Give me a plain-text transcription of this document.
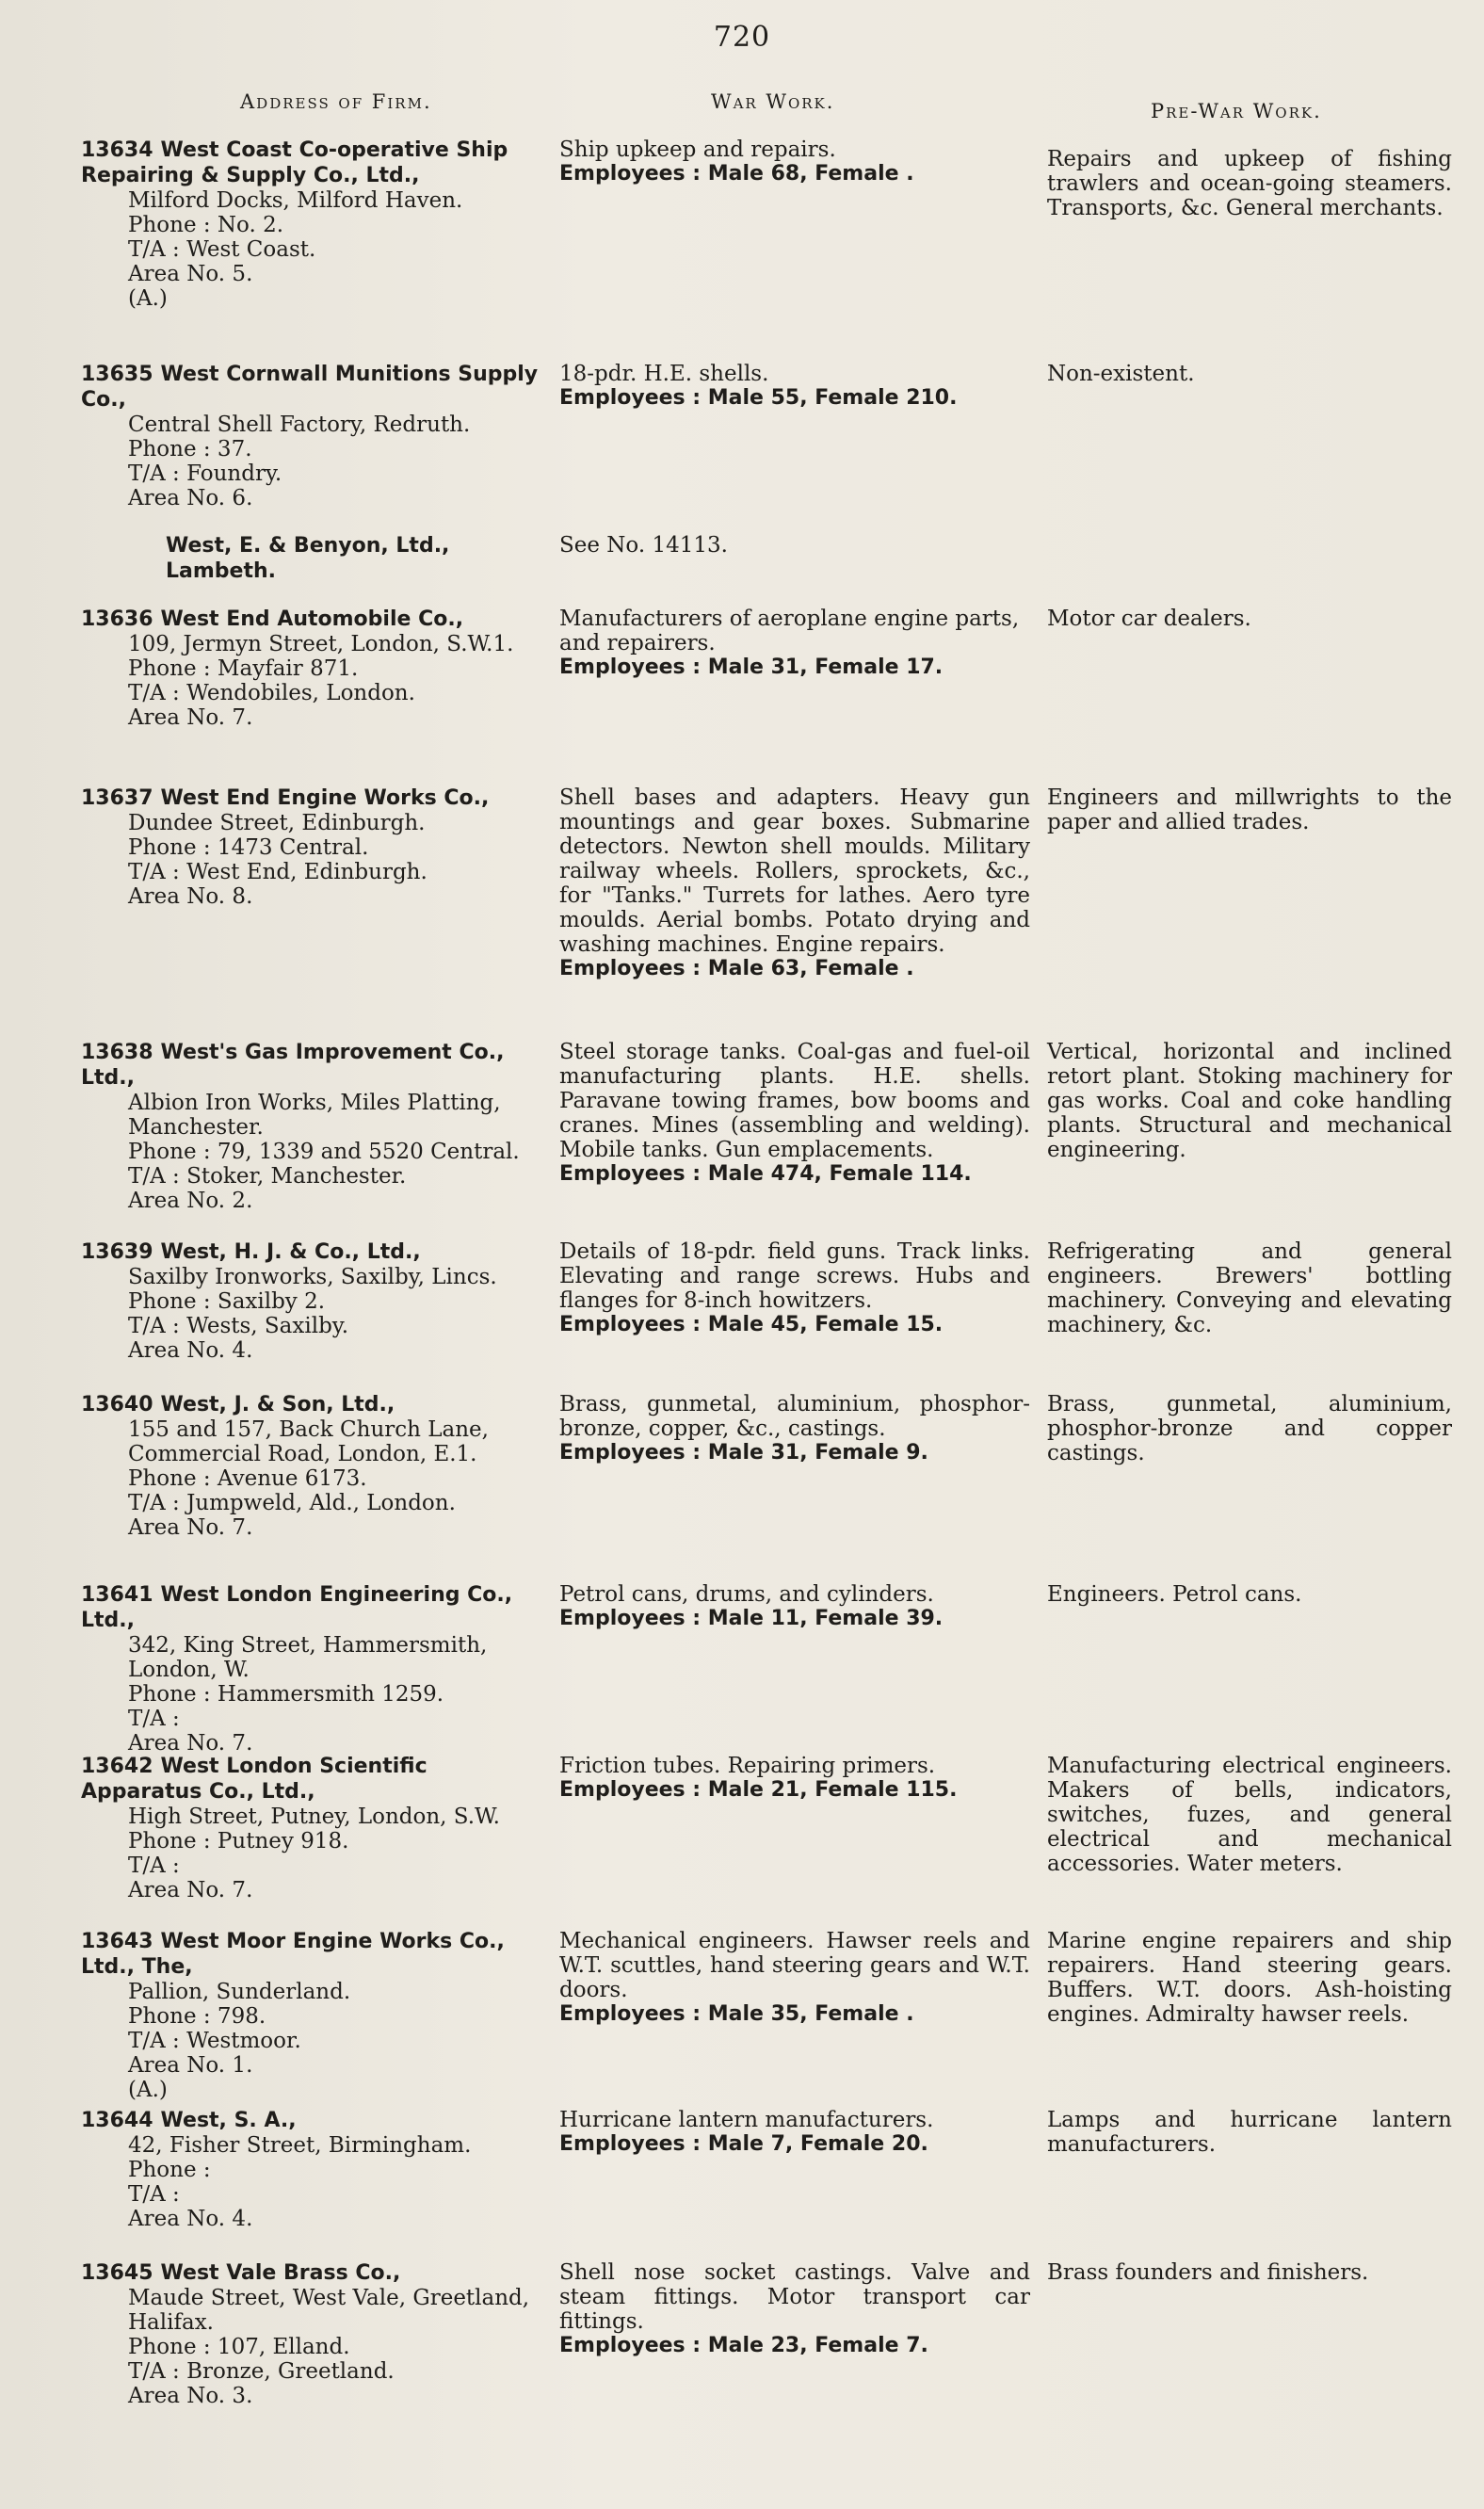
720
Address of Firm.	War Work.	Pre-War Work.
13634 West Coast Co-operative Ship Repairing & Supply Co., Ltd.,
Milford Docks, Milford Haven.
Phone : No. 2.
T/A : West Coast.
Area No. 5.
(A.)
Ship upkeep and repairs.
Employees : Male 68, Female .
Repairs and upkeep of fishing trawlers and ocean-going steamers. Transports, &c. General merchants.
13635 West Cornwall Munitions Supply Co.,
Central Shell Factory, Redruth.
Phone : 37.
T/A : Foundry.
Area No. 6.
18-pdr. H.E. shells.
Employees : Male 55, Female 210.
Non-existent.
West, E. & Benyon, Ltd., Lambeth.
See No. 14113.
13636 West End Automobile Co.,
109, Jermyn Street, London, S.W.1.
Phone : Mayfair 871.
T/A : Wendobiles, London.
Area No. 7.
Manufacturers of aeroplane engine parts, and repairers.
Employees : Male 31, Female 17.
Motor car dealers.
13637 West End Engine Works Co.,
Dundee Street, Edinburgh.
Phone : 1473 Central.
T/A : West End, Edinburgh.
Area No. 8.
Shell bases and adapters. Heavy gun mountings and gear boxes. Submarine detectors. Newton shell moulds. Military railway wheels. Rollers, sprockets, &c., for "Tanks." Turrets for lathes. Aero tyre moulds. Aerial bombs. Potato drying and washing machines. Engine repairs.
Employees : Male 63, Female .
Engineers and millwrights to the paper and allied trades.
13638 West's Gas Improvement Co., Ltd.,
Albion Iron Works, Miles Platting, Manchester.
Phone : 79, 1339 and 5520 Central.
T/A : Stoker, Manchester.
Area No. 2.
Steel storage tanks. Coal-gas and fuel-oil manufacturing plants. H.E. shells. Paravane towing frames, bow booms and cranes. Mines (assembling and welding). Mobile tanks. Gun emplacements.
Employees : Male 474, Female 114.
Vertical, horizontal and inclined retort plant. Stoking machinery for gas works. Coal and coke handling plants. Structural and mechanical engineering.
13639 West, H. J. & Co., Ltd.,
Saxilby Ironworks, Saxilby, Lincs.
Phone : Saxilby 2.
T/A : Wests, Saxilby.
Area No. 4.
Details of 18-pdr. field guns. Track links. Elevating and range screws. Hubs and flanges for 8-inch howitzers.
Employees : Male 45, Female 15.
Refrigerating and general engineers. Brewers' bottling machinery. Conveying and elevating machinery, &c.
13640 West, J. & Son, Ltd.,
155 and 157, Back Church Lane, Commercial Road, London, E.1.
Phone : Avenue 6173.
T/A : Jumpweld, Ald., London.
Area No. 7.
Brass, gunmetal, aluminium, phosphor-bronze, copper, &c., castings.
Employees : Male 31, Female 9.
Brass, gunmetal, aluminium, phosphor-bronze and copper castings.
13641 West London Engineering Co., Ltd.,
342, King Street, Hammersmith, London, W.
Phone : Hammersmith 1259.
T/A :
Area No. 7.
Petrol cans, drums, and cylinders.
Employees : Male 11, Female 39.
Engineers. Petrol cans.
13642 West London Scientific Apparatus Co., Ltd.,
High Street, Putney, London, S.W.
Phone : Putney 918.
T/A :
Area No. 7.
Friction tubes. Repairing primers.
Employees : Male 21, Female 115.
Manufacturing electrical engineers. Makers of bells, indicators, switches, fuzes, and general electrical and mechanical accessories. Water meters.
13643 West Moor Engine Works Co., Ltd., The,
Pallion, Sunderland.
Phone : 798.
T/A : Westmoor.
Area No. 1.
(A.)
Mechanical engineers. Hawser reels and W.T. scuttles, hand steering gears and W.T. doors.
Employees : Male 35, Female .
Marine engine repairers and ship repairers. Hand steering gears. Buffers. W.T. doors. Ash-hoisting engines. Admiralty hawser reels.
13644 West, S. A.,
42, Fisher Street, Birmingham.
Phone :
T/A :
Area No. 4.
Hurricane lantern manufacturers.
Employees : Male 7, Female 20.
Lamps and hurricane lantern manufacturers.
13645 West Vale Brass Co.,
Maude Street, West Vale, Greetland, Halifax.
Phone : 107, Elland.
T/A : Bronze, Greetland.
Area No. 3.
Shell nose socket castings. Valve and steam fittings. Motor transport car fittings.
Employees : Male 23, Female 7.
Brass founders and finishers.
